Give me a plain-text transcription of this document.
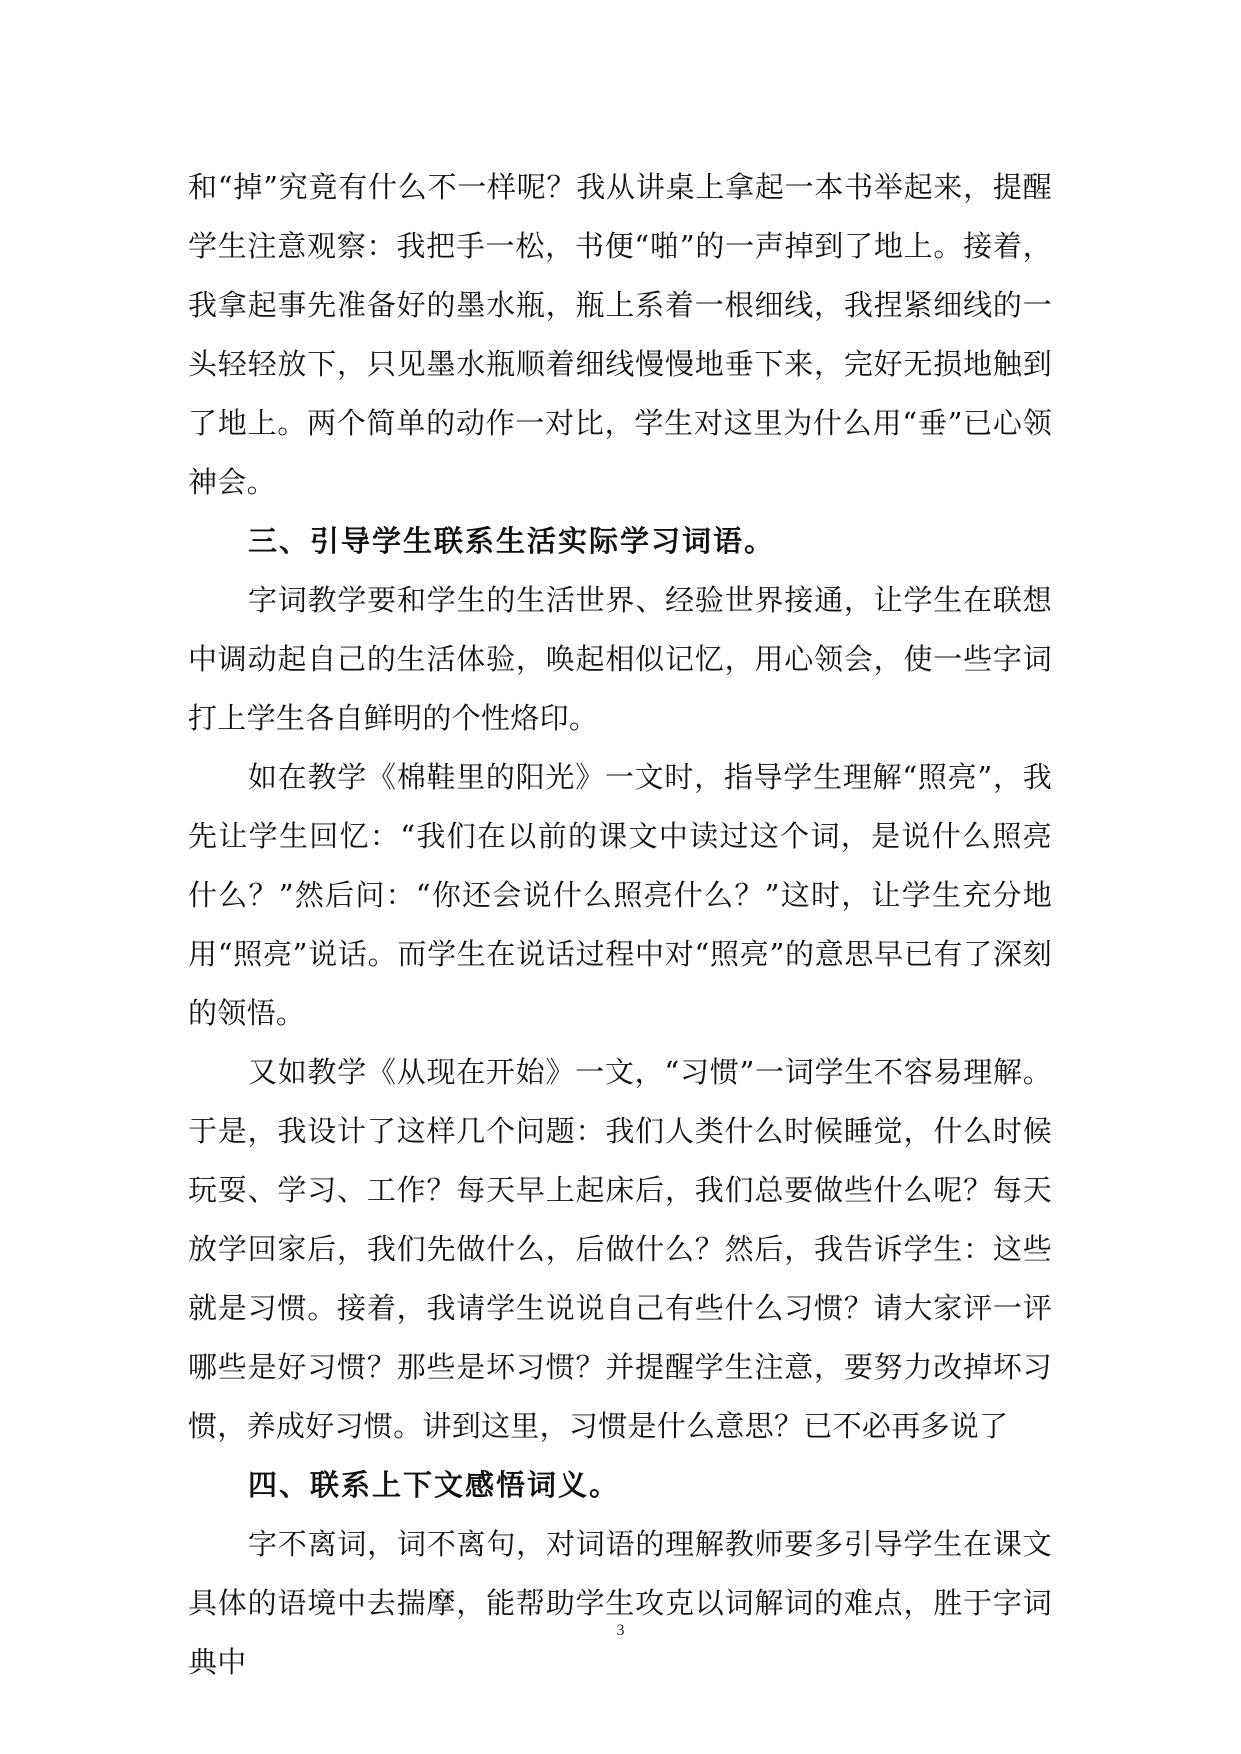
和“掉”究竟有什么不一样呢？我从讲桌上拿起一本书举起来，提醒学生注意观察：我把手一松，书便“啪”的一声掉到了地上。接着，我拿起事先准备好的墨水瓶，瓶上系着一根细线，我捏紧细线的一头轻轻放下，只见墨水瓶顺着细线慢慢地垂下来，完好无损地触到了地上。两个简单的动作一对比，学生对这里为什么用“垂”已心领神会。

三、引导学生联系生活实际学习词语。

字词教学要和学生的生活世界、经验世界接通，让学生在联想中调动起自己的生活体验，唤起相似记忆，用心领会，使一些字词打上学生各自鲜明的个性烙印。

如在教学《棉鞋里的阳光》一文时，指导学生理解“照亮”，我先让学生回忆：“我们在以前的课文中读过这个词，是说什么照亮什么？”然后问：“你还会说什么照亮什么？”这时，让学生充分地用“照亮”说话。而学生在说话过程中对“照亮”的意思早已有了深刻的领悟。

又如教学《从现在开始》一文，“习惯”一词学生不容易理解。于是，我设计了这样几个问题：我们人类什么时候睡觉，什么时候玩耍、学习、工作？每天早上起床后，我们总要做些什么呢？每天放学回家后，我们先做什么，后做什么？然后，我告诉学生：这些就是习惯。接着，我请学生说说自己有些什么习惯？请大家评一评哪些是好习惯？那些是坏习惯？并提醒学生注意，要努力改掉坏习惯，养成好习惯。讲到这里，习惯是什么意思？已不必再多说了

四、联系上下文感悟词义。

字不离词，词不离句，对词语的理解教师要多引导学生在课文具体的语境中去揣摩，能帮助学生攻克以词解词的难点，胜于字词典中

3
